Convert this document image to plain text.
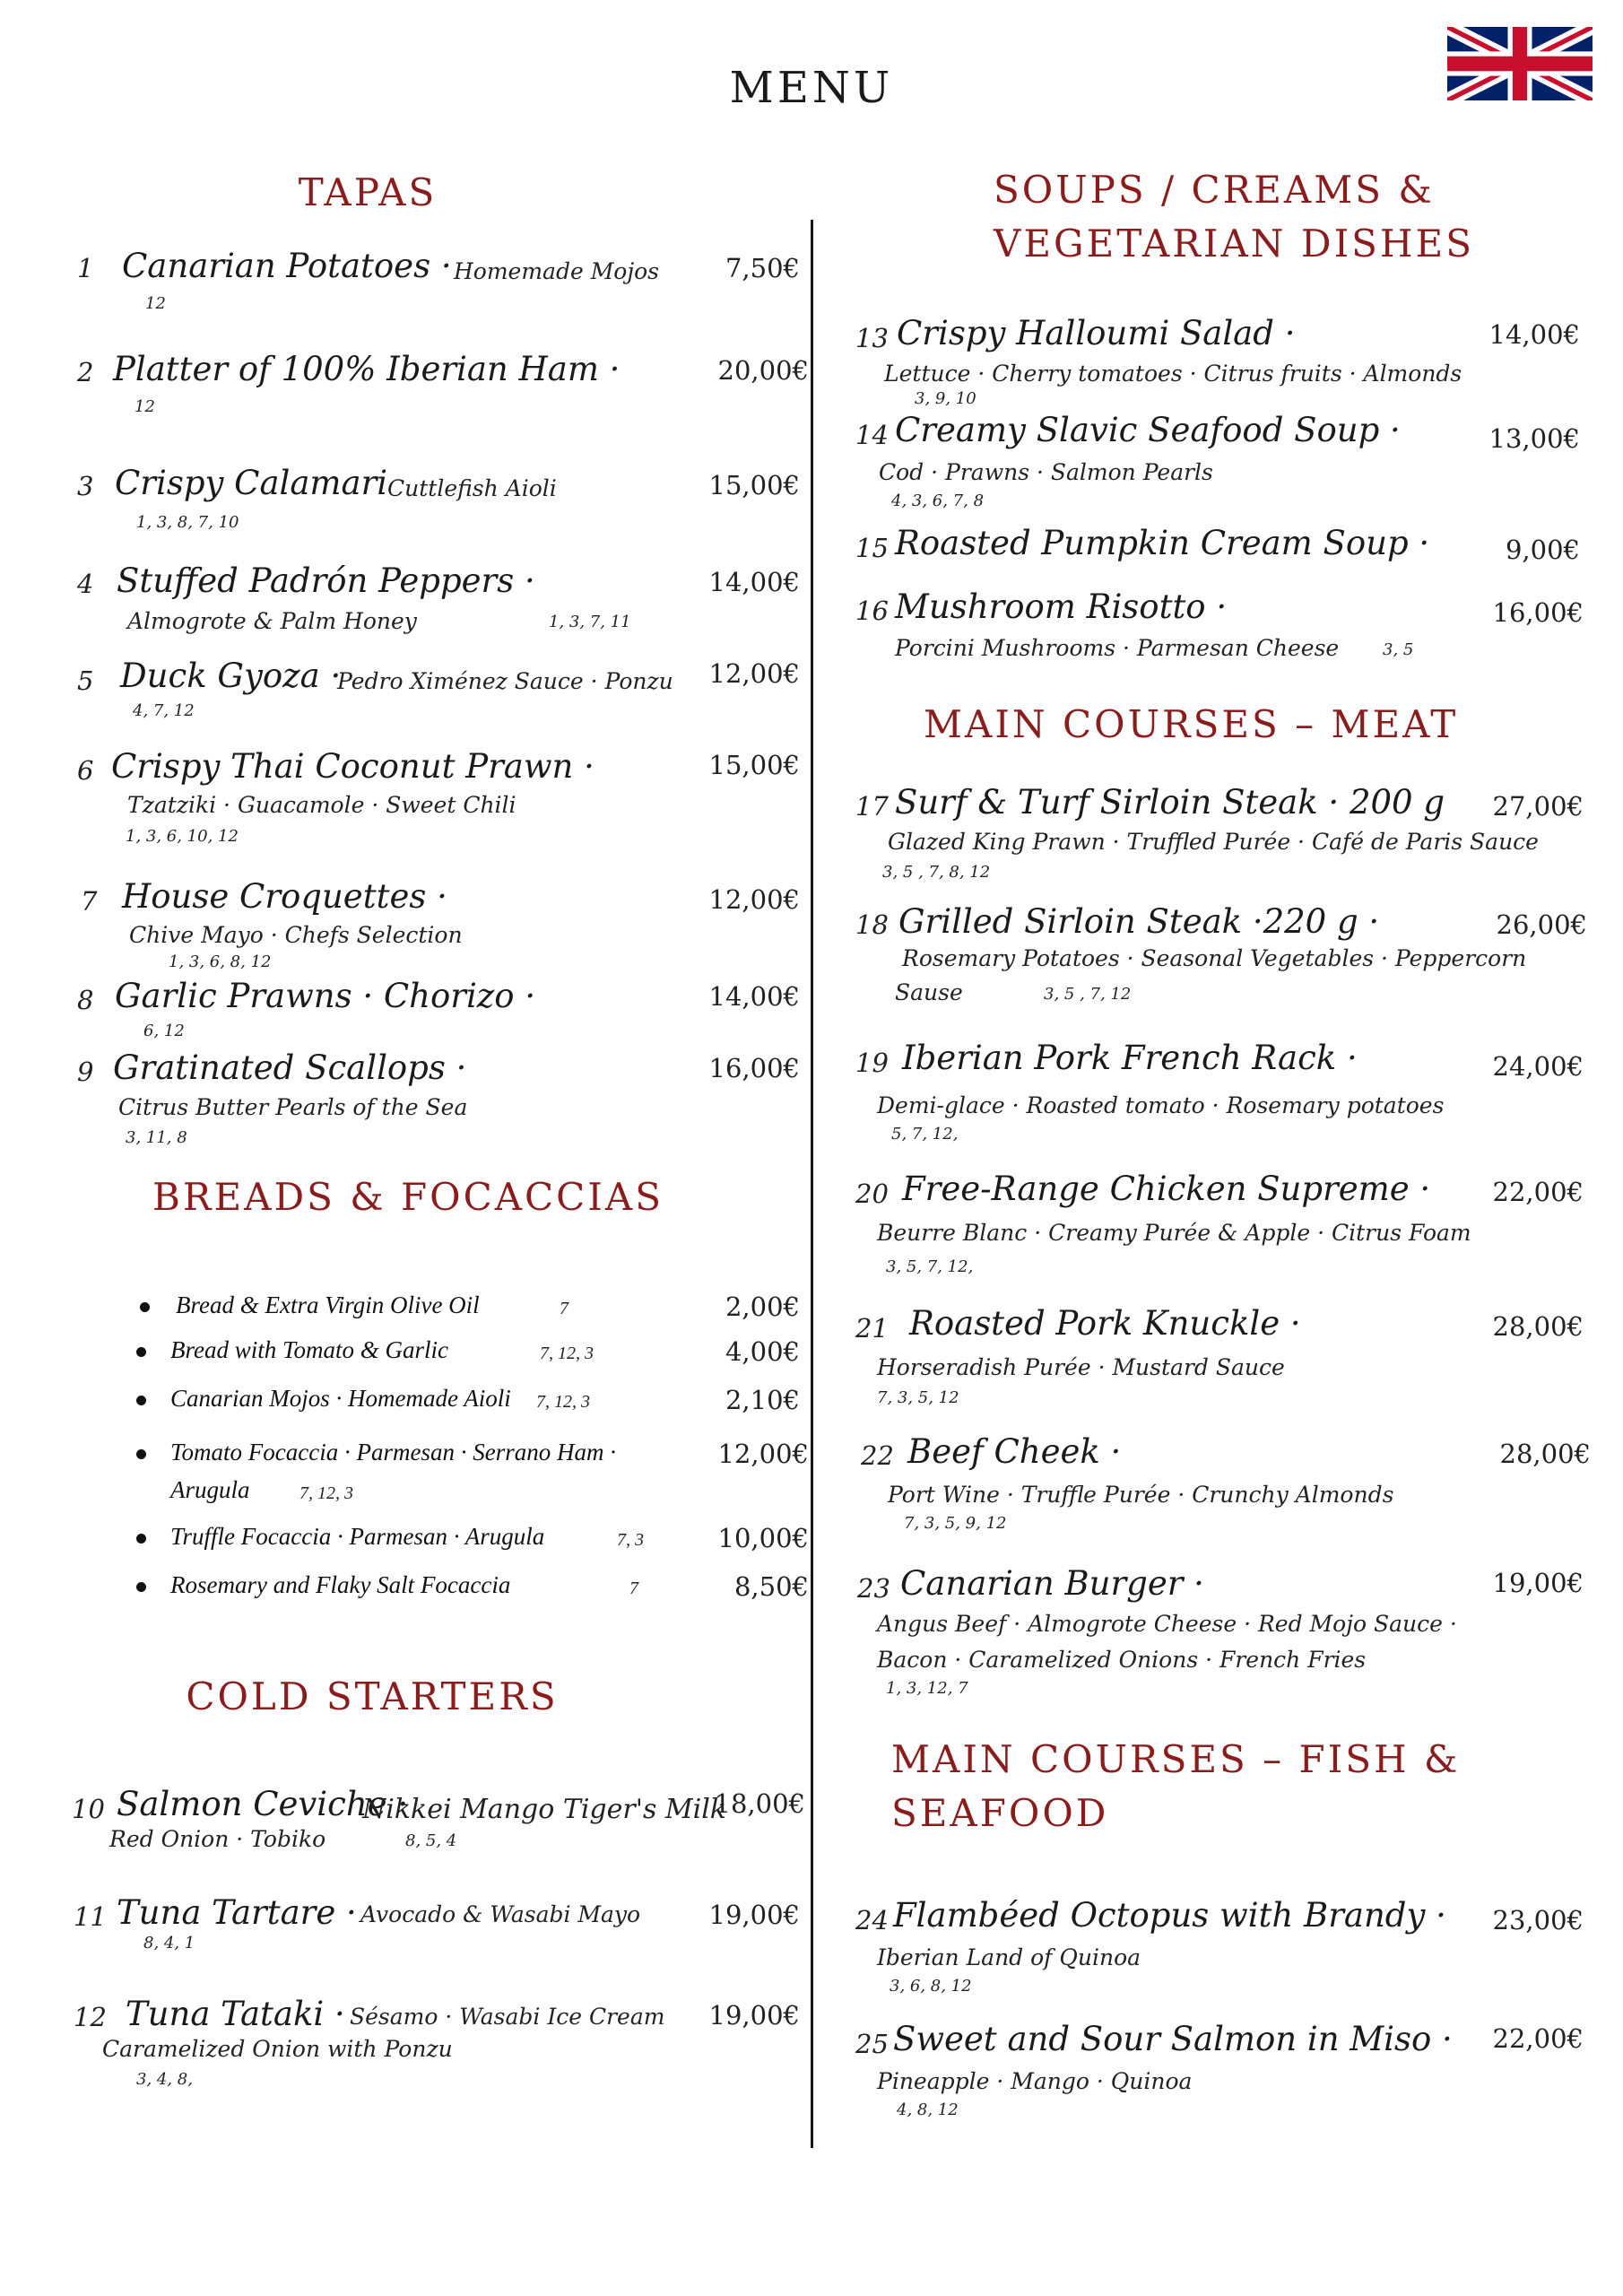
MENU
TAPAS
1 Canarian Potatoes · Homemade Mojos
12
7,50€
2 Platter of 100% Iberian Ham ·
12
20,00€
3 Crispy Calamari Cuttlefish Aioli
1, 3, 8, 7, 10
15,00€
4 Stuffed Padrón Peppers ·
Almogrote & Palm Honey	1, 3, 7, 11
14,00€
5 Duck Gyoza ·
Pedro Ximénez Sauce · Ponzu
4, 7, 12
12,00€
6 Crispy Thai Coconut Prawn ·
Tzatziki · Guacamole · Sweet Chili
1, 3, 6, 10, 12
15,00€
7 House Croquettes ·
Chive Mayo · Chefs Selection
1, 3, 6, 8, 12
12,00€
8 Garlic Prawns · Chorizo ·
6, 12
14,00€
9 Gratinated Scallops ·
Citrus Butter Pearls of the Sea
3, 11, 8
16,00€
BREADS & FOCACCIAS
Bread & Extra Virgin Olive Oil	7	2,00€
Bread with Tomato & Garlic	7, 12, 3	4,00€
Canarian Mojos · Homemade Aioli 7, 12, 3	2,10€
Tomato Focaccia · Parmesan · Serrano Ham ·
Arugula	7, 12, 3
12,00€
Truffle Focaccia · Parmesan · Arugula	7, 3	10,00€
Rosemary and Flaky Salt Focaccia	7	8,50€
COLD STARTERS
10 Salmon Ceviche ·
Nikkei Mango Tiger's Milk
Red Onion · Tobiko	8, 5, 4
18,00€
11 Tuna Tartare · Avocado & Wasabi Mayo
8, 4, 1
19,00€
12 Tuna Tataki · Sésamo · Wasabi Ice Cream
Caramelized Onion with Ponzu
3, 4, 8,
19,00€
SOUPS / CREAMS &
VEGETARIAN DISHES
13 Crispy Halloumi Salad ·
Lettuce · Cherry tomatoes · Citrus fruits · Almonds
3, 9, 10
14,00€
14 Creamy Slavic Seafood Soup ·
Cod · Prawns · Salmon Pearls
4, 3, 6, 7, 8
13,00€
15 Roasted Pumpkin Cream Soup ·	9,00€
16 Mushroom Risotto ·
Porcini Mushrooms · Parmesan Cheese	3, 5
16,00€
MAIN COURSES – MEAT
17 Surf & Turf Sirloin Steak · 200 g
Glazed King Prawn · Truffled Purée · Café de Paris Sauce
3, 5 , 7, 8, 12
27,00€
18 Grilled Sirloin Steak ·220 g ·
Rosemary Potatoes · Seasonal Vegetables · Peppercorn
Sause	3, 5 , 7, 12
26,00€
19 Iberian Pork French Rack ·
Demi-glace · Roasted tomato · Rosemary potatoes
5, 7, 12,
24,00€
20 Free-Range Chicken Supreme ·
Beurre Blanc · Creamy Purée & Apple · Citrus Foam
3, 5, 7, 12,
22,00€
21 Roasted Pork Knuckle ·
Horseradish Purée · Mustard Sauce
7, 3, 5, 12
28,00€
22 Beef Cheek ·
Port Wine · Truffle Purée · Crunchy Almonds
7, 3, 5, 9, 12
28,00€
23 Canarian Burger ·
Angus Beef · Almogrote Cheese · Red Mojo Sauce ·
Bacon · Caramelized Onions · French Fries
1, 3, 12, 7
19,00€
MAIN COURSES – FISH &
SEAFOOD
24 Flambéed Octopus with Brandy ·
Iberian Land of Quinoa
3, 6, 8, 12
23,00€
25 Sweet and Sour Salmon in Miso ·
Pineapple · Mango · Quinoa
4, 8, 12
22,00€
